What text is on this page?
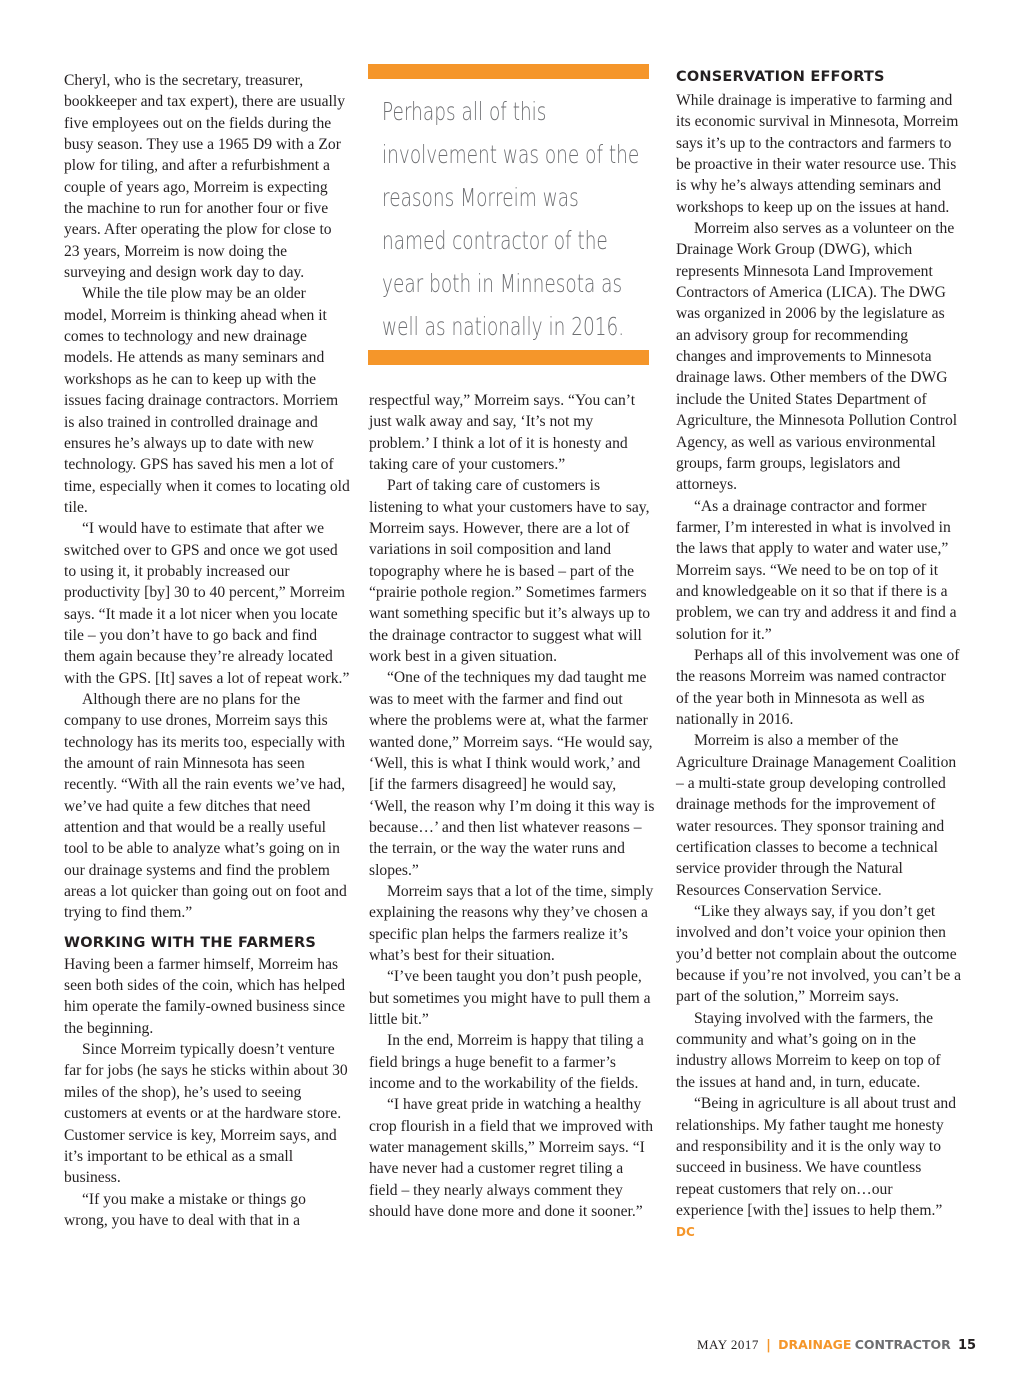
Cheryl, who is the secretary, treasurer, bookkeeper and tax expert), there are usually five employees out on the fields during the busy season. They use a 1965 D9 with a Zor plow for tiling, and after a refurbishment a couple of years ago, Morreim is expecting the machine to run for another four or five years. After operating the plow for close to 23 years, Morreim is now doing the surveying and design work day to day.

While the tile plow may be an older model, Morreim is thinking ahead when it comes to technology and new drainage models. He attends as many seminars and workshops as he can to keep up with the issues facing drainage contractors. Morriem is also trained in controlled drainage and ensures he’s always up to date with new technology. GPS has saved his men a lot of time, especially when it comes to locating old tile.

“I would have to estimate that after we switched over to GPS and once we got used to using it, it probably increased our productivity [by] 30 to 40 percent,” Morreim says. “It made it a lot nicer when you locate tile – you don’t have to go back and find them again because they’re already located with the GPS. [It] saves a lot of repeat work.”

Although there are no plans for the company to use drones, Morreim says this technology has its merits too, especially with the amount of rain Minnesota has seen recently. “With all the rain events we’ve had, we’ve had quite a few ditches that need attention and that would be a really useful tool to be able to analyze what’s going on in our drainage systems and find the problem areas a lot quicker than going out on foot and trying to find them.”

WORKING WITH THE FARMERS

Having been a farmer himself, Morreim has seen both sides of the coin, which has helped him operate the family-owned business since the beginning.

Since Morreim typically doesn’t venture far for jobs (he says he sticks within about 30 miles of the shop), he’s used to seeing customers at events or at the hardware store. Customer service is key, Morreim says, and it’s important to be ethical as a small business.

“If you make a mistake or things go wrong, you have to deal with that in a

Perhaps all of this involvement was one of the reasons Morreim was named contractor of the year both in Minnesota as well as nationally in 2016.

respectful way,” Morreim says. “You can’t just walk away and say, ‘It’s not my problem.’ I think a lot of it is honesty and taking care of your customers.”

Part of taking care of customers is listening to what your customers have to say, Morreim says. However, there are a lot of variations in soil composition and land topography where he is based – part of the “prairie pothole region.” Sometimes farmers want something specific but it’s always up to the drainage contractor to suggest what will work best in a given situation.

“One of the techniques my dad taught me was to meet with the farmer and find out where the problems were at, what the farmer wanted done,” Morreim says. “He would say, ‘Well, this is what I think would work,’ and [if the farmers disagreed] he would say, ‘Well, the reason why I’m doing it this way is because…’ and then list whatever reasons – the terrain, or the way the water runs and slopes.”

Morreim says that a lot of the time, simply explaining the reasons why they’ve chosen a specific plan helps the farmers realize it’s what’s best for their situation.

“I’ve been taught you don’t push people, but sometimes you might have to pull them a little bit.”

In the end, Morreim is happy that tiling a field brings a huge benefit to a farmer’s income and to the workability of the fields.

“I have great pride in watching a healthy crop flourish in a field that we improved with water management skills,” Morreim says. “I have never had a customer regret tiling a field – they nearly always comment they should have done more and done it sooner.”

CONSERVATION EFFORTS

While drainage is imperative to farming and its economic survival in Minnesota, Morreim says it’s up to the contractors and farmers to be proactive in their water resource use. This is why he’s always attending seminars and workshops to keep up on the issues at hand.

Morreim also serves as a volunteer on the Drainage Work Group (DWG), which represents Minnesota Land Improvement Contractors of America (LICA). The DWG was organized in 2006 by the legislature as an advisory group for recommending changes and improvements to Minnesota drainage laws. Other members of the DWG include the United States Department of Agriculture, the Minnesota Pollution Control Agency, as well as various environmental groups, farm groups, legislators and attorneys.

“As a drainage contractor and former farmer, I’m interested in what is involved in the laws that apply to water and water use,” Morreim says. “We need to be on top of it and knowledgeable on it so that if there is a problem, we can try and address it and find a solution for it.”

Perhaps all of this involvement was one of the reasons Morreim was named contractor of the year both in Minnesota as well as nationally in 2016.

Morreim is also a member of the Agriculture Drainage Management Coalition – a multi-state group developing controlled drainage methods for the improvement of water resources. They sponsor training and certification classes to become a technical service provider through the Natural Resources Conservation Service.

“Like they always say, if you don’t get involved and don’t voice your opinion then you’d better not complain about the outcome because if you’re not involved, you can’t be a part of the solution,” Morreim says.

Staying involved with the farmers, the community and what’s going on in the industry allows Morreim to keep on top of the issues at hand and, in turn, educate.

“Being in agriculture is all about trust and relationships. My father taught me honesty and responsibility and it is the only way to succeed in business. We have countless repeat customers that rely on…our experience [with the] issues to help them.” DC

MAY 2017 | DRAINAGE CONTRACTOR 15
